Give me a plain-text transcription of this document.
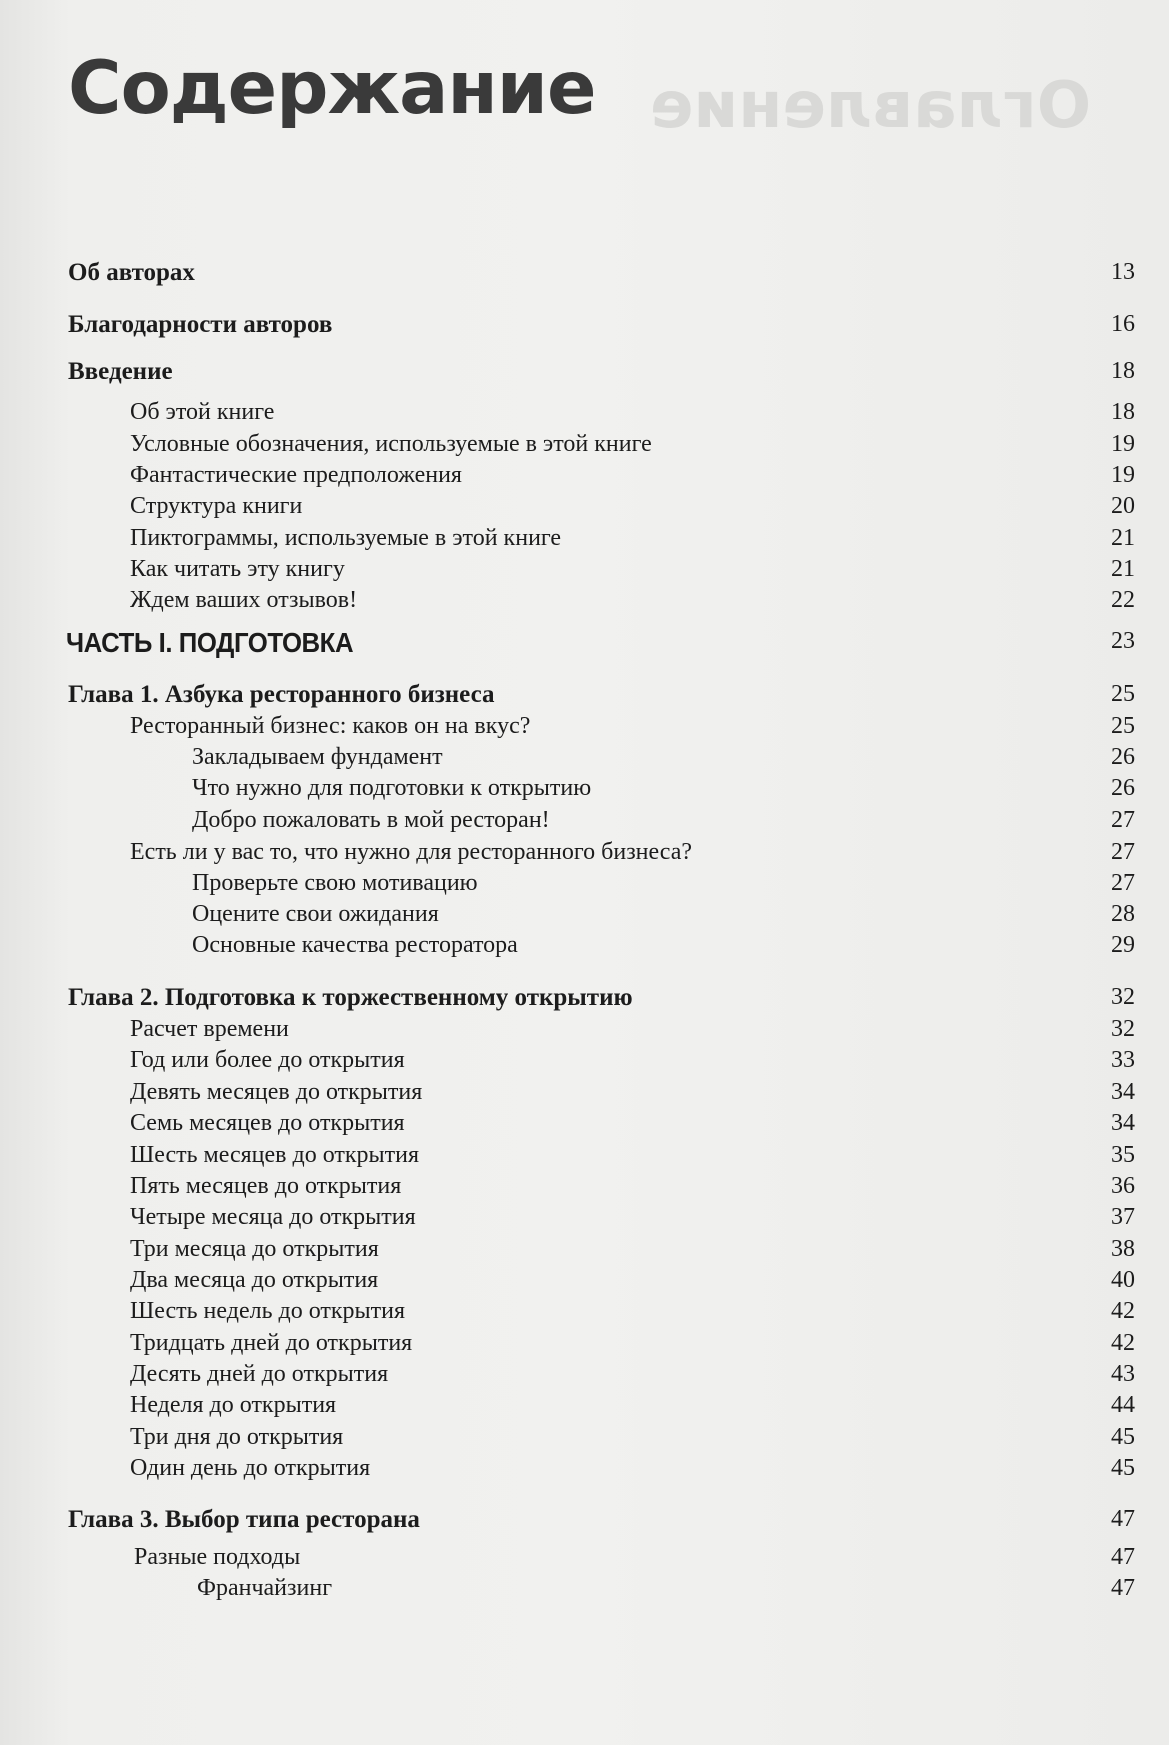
Оглавление
Содержание
Об авторах	13
Благодарности авторов	16
Введение	18
Об этой книге	18
Условные обозначения, используемые в этой книге	19
Фантастические предположения	19
Структура книги	20
Пиктограммы, используемые в этой книге	21
Как читать эту книгу	21
Ждем ваших отзывов!	22
ЧАСТЬ I. ПОДГОТОВКА	23
Глава 1. Азбука ресторанного бизнеса	25
Ресторанный бизнес: каков он на вкус?	25
Закладываем фундамент	26
Что нужно для подготовки к открытию	26
Добро пожаловать в мой ресторан!	27
Есть ли у вас то, что нужно для ресторанного бизнеса?	27
Проверьте свою мотивацию	27
Оцените свои ожидания	28
Основные качества ресторатора	29
Глава 2. Подготовка к торжественному открытию	32
Расчет времени	32
Год или более до открытия	33
Девять месяцев до открытия	34
Семь месяцев до открытия	34
Шесть месяцев до открытия	35
Пять месяцев до открытия	36
Четыре месяца до открытия	37
Три месяца до открытия	38
Два месяца до открытия	40
Шесть недель до открытия	42
Тридцать дней до открытия	42
Десять дней до открытия	43
Неделя до открытия	44
Три дня до открытия	45
Один день до открытия	45
Глава 3. Выбор типа ресторана	47
Разные подходы	47
Франчайзинг	47
